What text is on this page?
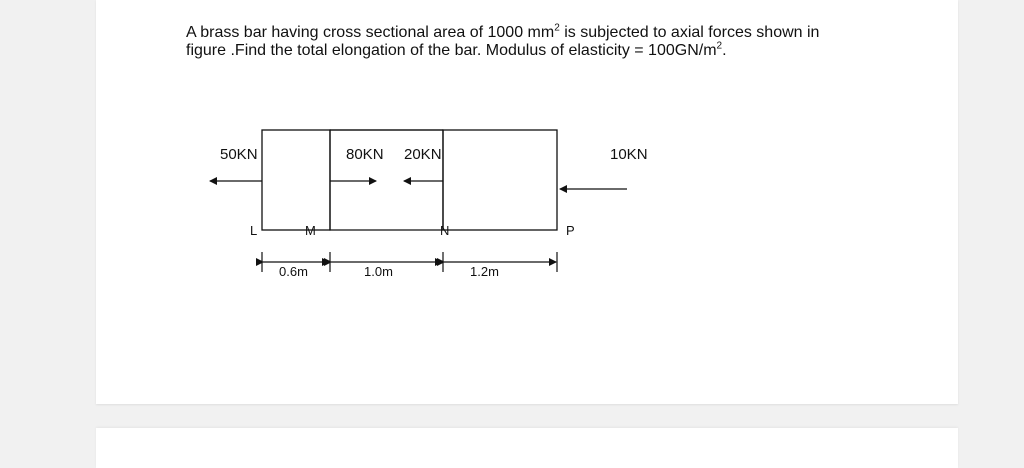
A brass bar having cross sectional area of 1000 $mm^2$ is subjected to axial forces shown in figure .Find the total elongation of the bar. Modulus of elasticity = $100GN/m^2$.
50KN	80KN 20KN	10KN
L	M	N	P
0.6m	1.0m	1.2m
